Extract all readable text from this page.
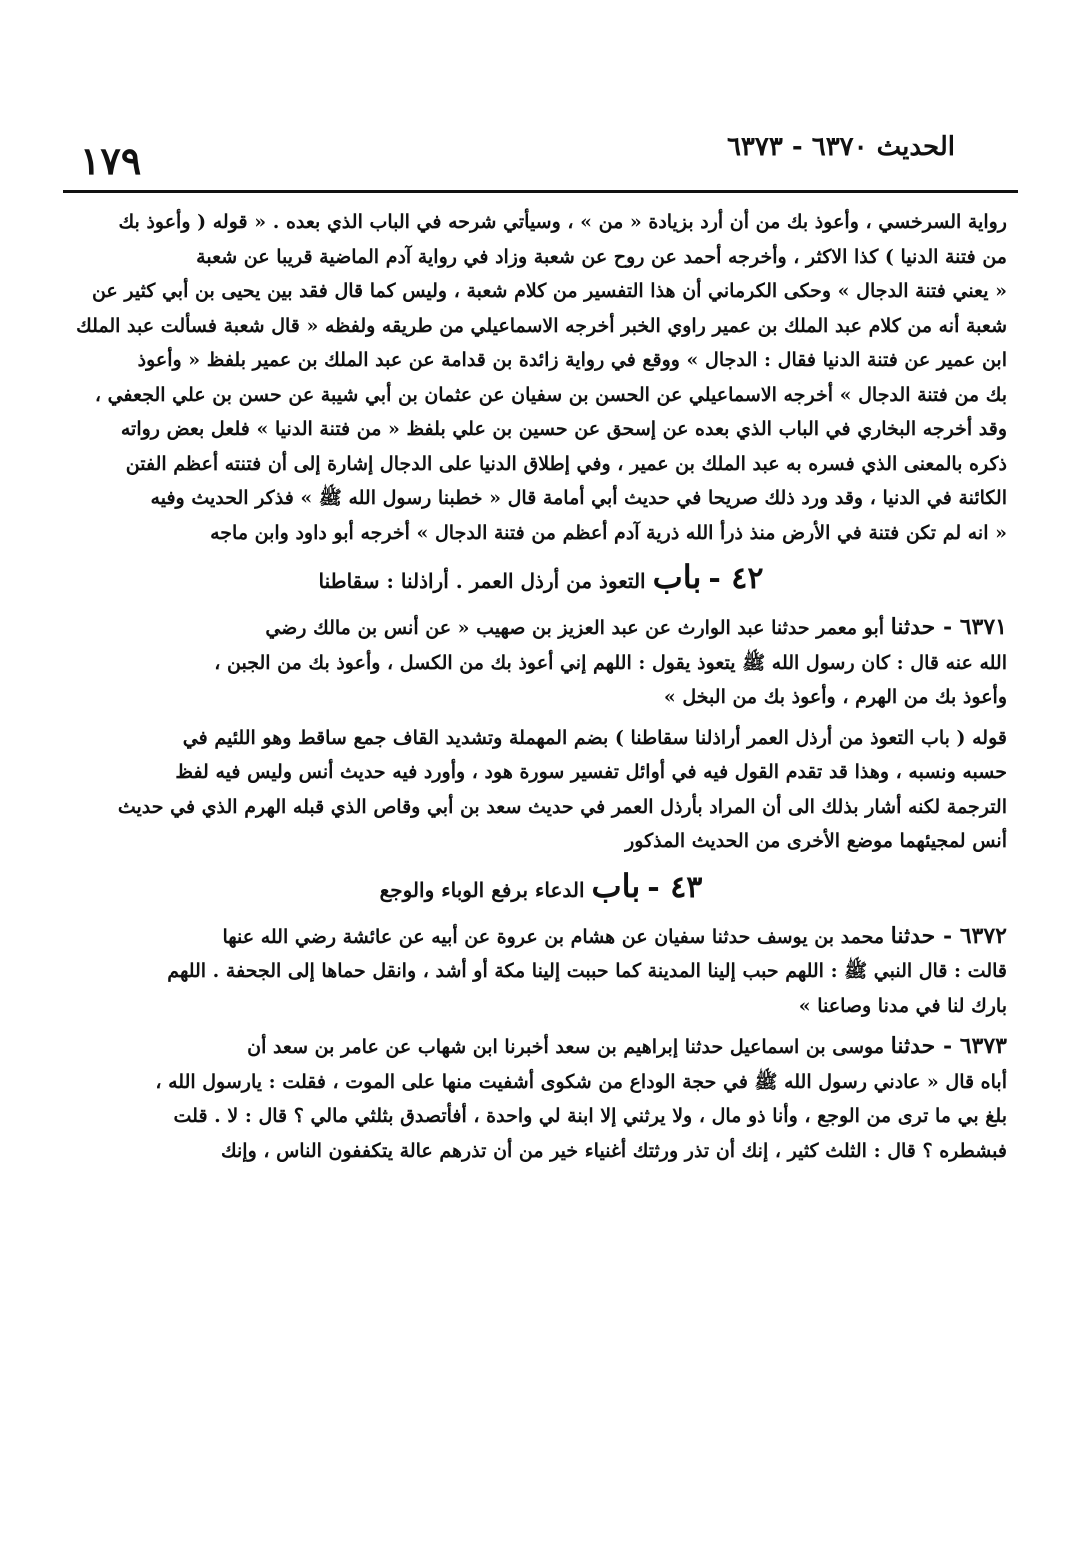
الحديث ٦٣٧٠ - ٦٣٧٣
١٧٩

رواية السرخسي ، وأعوذ بك من أن أرد بزيادة « من » ، وسيأتي شرحه في الباب الذي بعده . « قوله ( وأعوذ بك

من فتنة الدنيا ) كذا الاكثر ، وأخرجه أحمد عن روح عن شعبة وزاد في رواية آدم الماضية قريبا عن شعبة

« يعني فتنة الدجال » وحكى الكرماني أن هذا التفسير من كلام شعبة ، وليس كما قال فقد بين يحيى بن أبي كثير عن

شعبة أنه من كلام عبد الملك بن عمير راوي الخبر أخرجه الاسماعيلي من طريقه ولفظه « قال شعبة فسألت عبد الملك

ابن عمير عن فتنة الدنيا فقال : الدجال » ووقع في رواية زائدة بن قدامة عن عبد الملك بن عمير بلفظ « وأعوذ

بك من فتنة الدجال » أخرجه الاسماعيلي عن الحسن بن سفيان عن عثمان بن أبي شيبة عن حسن بن علي الجعفي ،

وقد أخرجه البخاري في الباب الذي بعده عن إسحق عن حسين بن علي بلفظ « من فتنة الدنيا » فلعل بعض رواته

ذكره بالمعنى الذي فسره به عبد الملك بن عمير ، وفي إطلاق الدنيا على الدجال إشارة إلى أن فتنته أعظم الفتن

الكائنة في الدنيا ، وقد ورد ذلك صريحا في حديث أبي أمامة قال « خطبنا رسول الله ﷺ » فذكر الحديث وفيه

« انه لم تكن فتنة في الأرض منذ ذرأ الله ذرية آدم أعظم من فتنة الدجال » أخرجه أبو داود وابن ماجه

٤٢ - باب التعوذ من أرذل العمر . أراذلنا : سقاطنا

٦٣٧١ - حدثنا أبو معمر حدثنا عبد الوارث عن عبد العزيز بن صهيب « عن أنس بن مالك رضي

الله عنه قال : كان رسول الله ﷺ يتعوذ يقول : اللهم إني أعوذ بك من الكسل ، وأعوذ بك من الجبن ،

وأعوذ بك من الهرم ، وأعوذ بك من البخل »

قوله ( باب التعوذ من أرذل العمر أراذلنا سقاطنا ) بضم المهملة وتشديد القاف جمع ساقط وهو اللئيم في

حسبه ونسبه ، وهذا قد تقدم القول فيه في أوائل تفسير سورة هود ، وأورد فيه حديث أنس وليس فيه لفظ

الترجمة لكنه أشار بذلك الى أن المراد بأرذل العمر في حديث سعد بن أبي وقاص الذي قبله الهرم الذي في حديث

أنس لمجيئهما موضع الأخرى من الحديث المذكور

٤٣ - باب الدعاء برفع الوباء والوجع

٦٣٧٢ - حدثنا محمد بن يوسف حدثنا سفيان عن هشام بن عروة عن أبيه عن عائشة رضي الله عنها

قالت : قال النبي ﷺ : اللهم حبب إلينا المدينة كما حببت إلينا مكة أو أشد ، وانقل حماها إلى الجحفة . اللهم

بارك لنا في مدنا وصاعنا »

٦٣٧٣ - حدثنا موسى بن اسماعيل حدثنا إبراهيم بن سعد أخبرنا ابن شهاب عن عامر بن سعد أن

أباه قال « عادني رسول الله ﷺ في حجة الوداع من شكوى أشفيت منها على الموت ، فقلت : يارسول الله ،

بلغ بي ما ترى من الوجع ، وأنا ذو مال ، ولا يرثني إلا ابنة لي واحدة ، أفأتصدق بثلثي مالي ؟ قال : لا . قلت

فبشطره ؟ قال : الثلث كثير ، إنك أن تذر ورثتك أغنياء خير من أن تذرهم عالة يتكففون الناس ، وإنك
